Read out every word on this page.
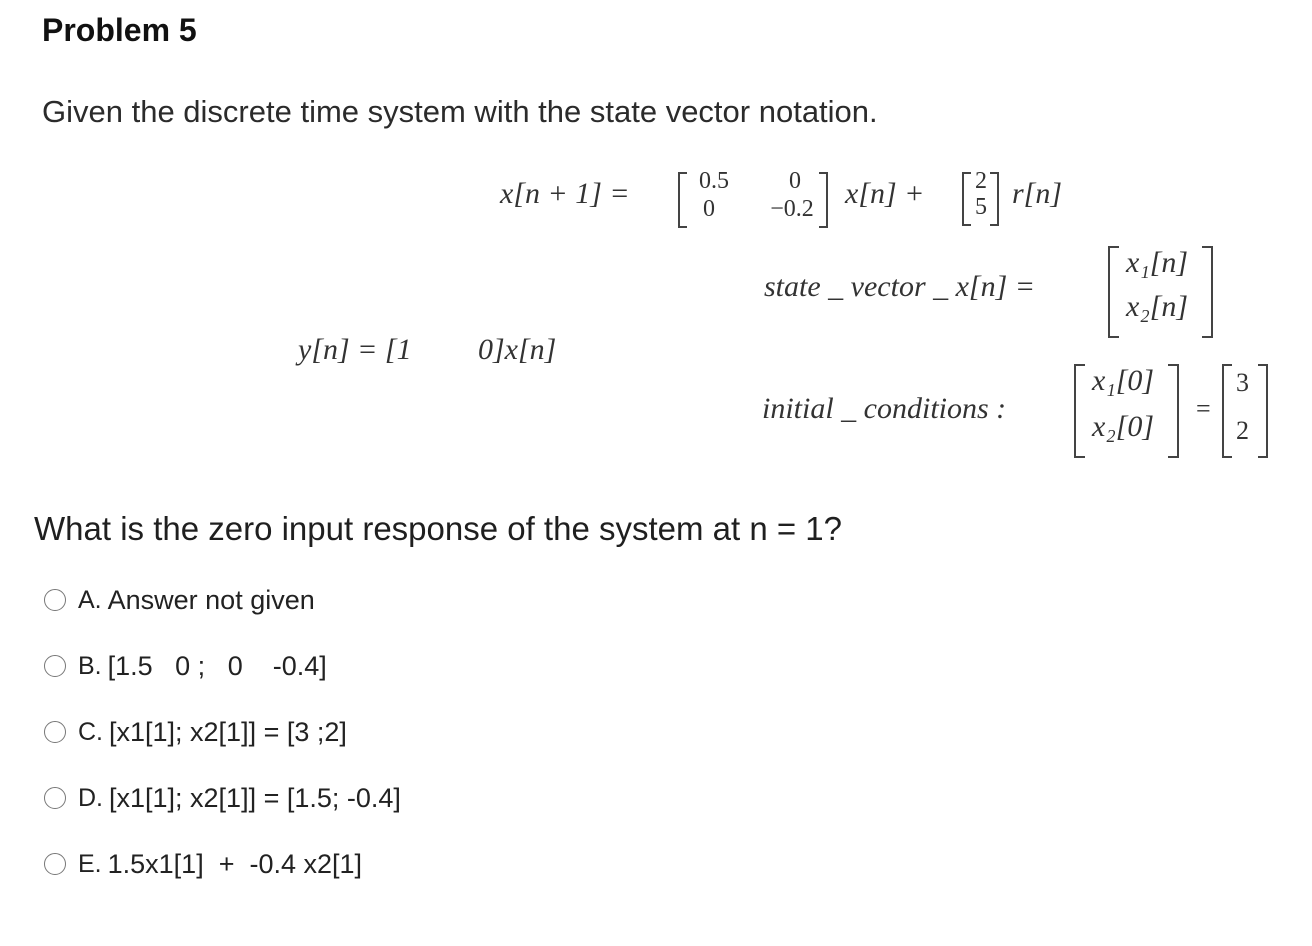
Problem 5
Given the discrete time system with the state vector notation.
x[n + 1] =	0.5	0
0	−0.2 x[n] + 2
5 r[n]
state _ vector _ x[n] =
x₁[n]
x₂[n]
y[n] = [1 0]x[n]
initial _ conditions :
x₁[0]
x₂[0]
=
3
2
What is the zero input response of the system at n = 1?
A. Answer not given
B. [1.5   0 ;   0    -0.4]
C. [x1[1]; x2[1]] = [3 ;2]
D. [x1[1]; x2[1]] = [1.5; -0.4]
E. 1.5x1[1]  +  -0.4 x2[1]
